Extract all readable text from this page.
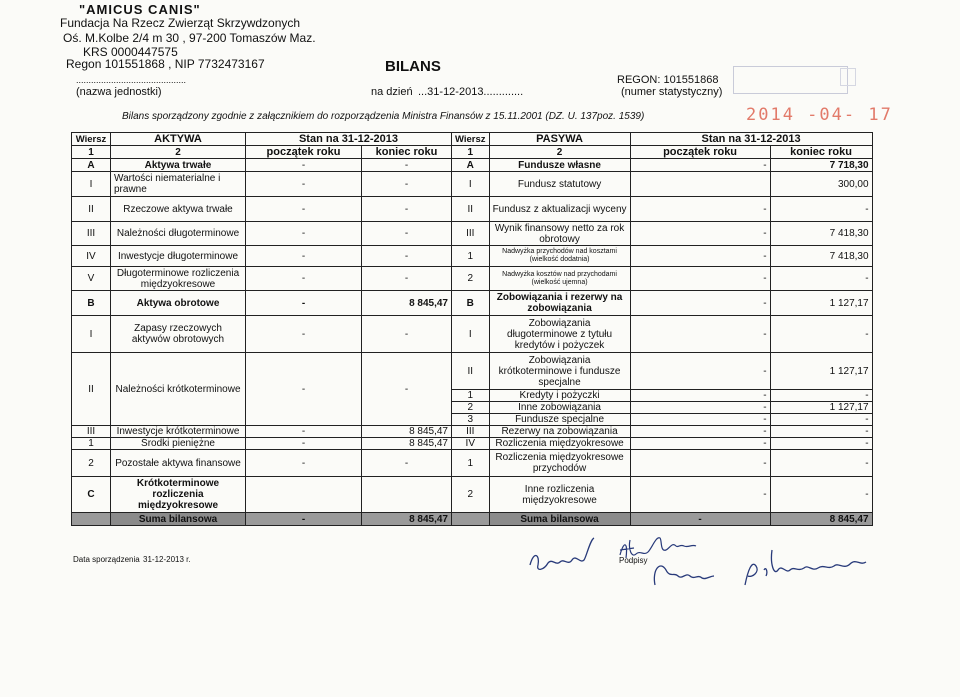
"AMICUS CANIS"
Fundacja Na Rzecz Zwierząt Skrzywdzonych
Oś. M.Kolbe 2/4 m 30 , 97-200 Tomaszów Maz.
KRS 0000447575
Regon 101551868 , NIP 7732473167
............................................
(nazwa jednostki)
BILANS
na dzień ...31-12-2013.............
REGON: 101551868
(numer statystyczny)
Bilans sporządzony zgodnie z załącznikiem do rozporządzenia Ministra Finansów z 15.11.2001 (DZ. U. 137poz. 1539)	2014 -04- 17
Wiersz	AKTYWA	Stan na 31-12-2013		Wiersz	PASYWA	Stan na 31-12-2013	
1	2	początek roku	koniec roku	1	2	początek roku	koniec roku
A	Aktywa trwałe	-	-	A	Fundusze własne	-	7 718,30
I	Wartości niematerialne i prawne	-	-	I	Fundusz statutowy		300,00
II	Rzeczowe aktywa trwałe	-	-	II	Fundusz z aktualizacji wyceny	-	-
III	Należności długoterminowe	-	-	III	Wynik finansowy netto za rok obrotowy	-	7 418,30
IV	Inwestycje długoterminowe	-	-	1	Nadwyżka przychodów nad kosztami (wielkość dodatnia)	-	7 418,30
V	Długoterminowe rozliczenia międzyokresowe	-	-	2	Nadwyżka kosztów nad przychodami (wielkość ujemna)	-	-
B	Aktywa obrotowe	-	8 845,47	B	Zobowiązania i rezerwy na zobowiązania	-	1 127,17
I	Zapasy rzeczowych aktywów obrotowych	-	-	I	Zobowiązania długoterminowe z tytułu kredytów i pożyczek	-	-
II	Należności krótkoterminowe	-	-	II	Zobowiązania krótkoterminowe i fundusze specjalne	-	1 127,17
				1	Kredyty i pożyczki	-	-
				2	Inne zobowiązania	-	1 127,17
				3	Fundusze specjalne	-	-
III	Inwestycje krótkoterminowe	-	8 845,47	III	Rezerwy na zobowiązania	-	-
1	Środki pieniężne	-	8 845,47	IV	Rozliczenia międzyokresowe	-	-
2	Pozostałe aktywa finansowe	-	-	1	Rozliczenia międzyokresowe przychodów	-	-
C	Krótkoterminowe rozliczenia międzyokresowe			2	Inne rozliczenia międzyokresowe	-	-
	Suma bilansowa	-	8 845,47		Suma bilansowa	-	8 845,47
Data sporządzenia 31-12-2013 r.	Podpisy
